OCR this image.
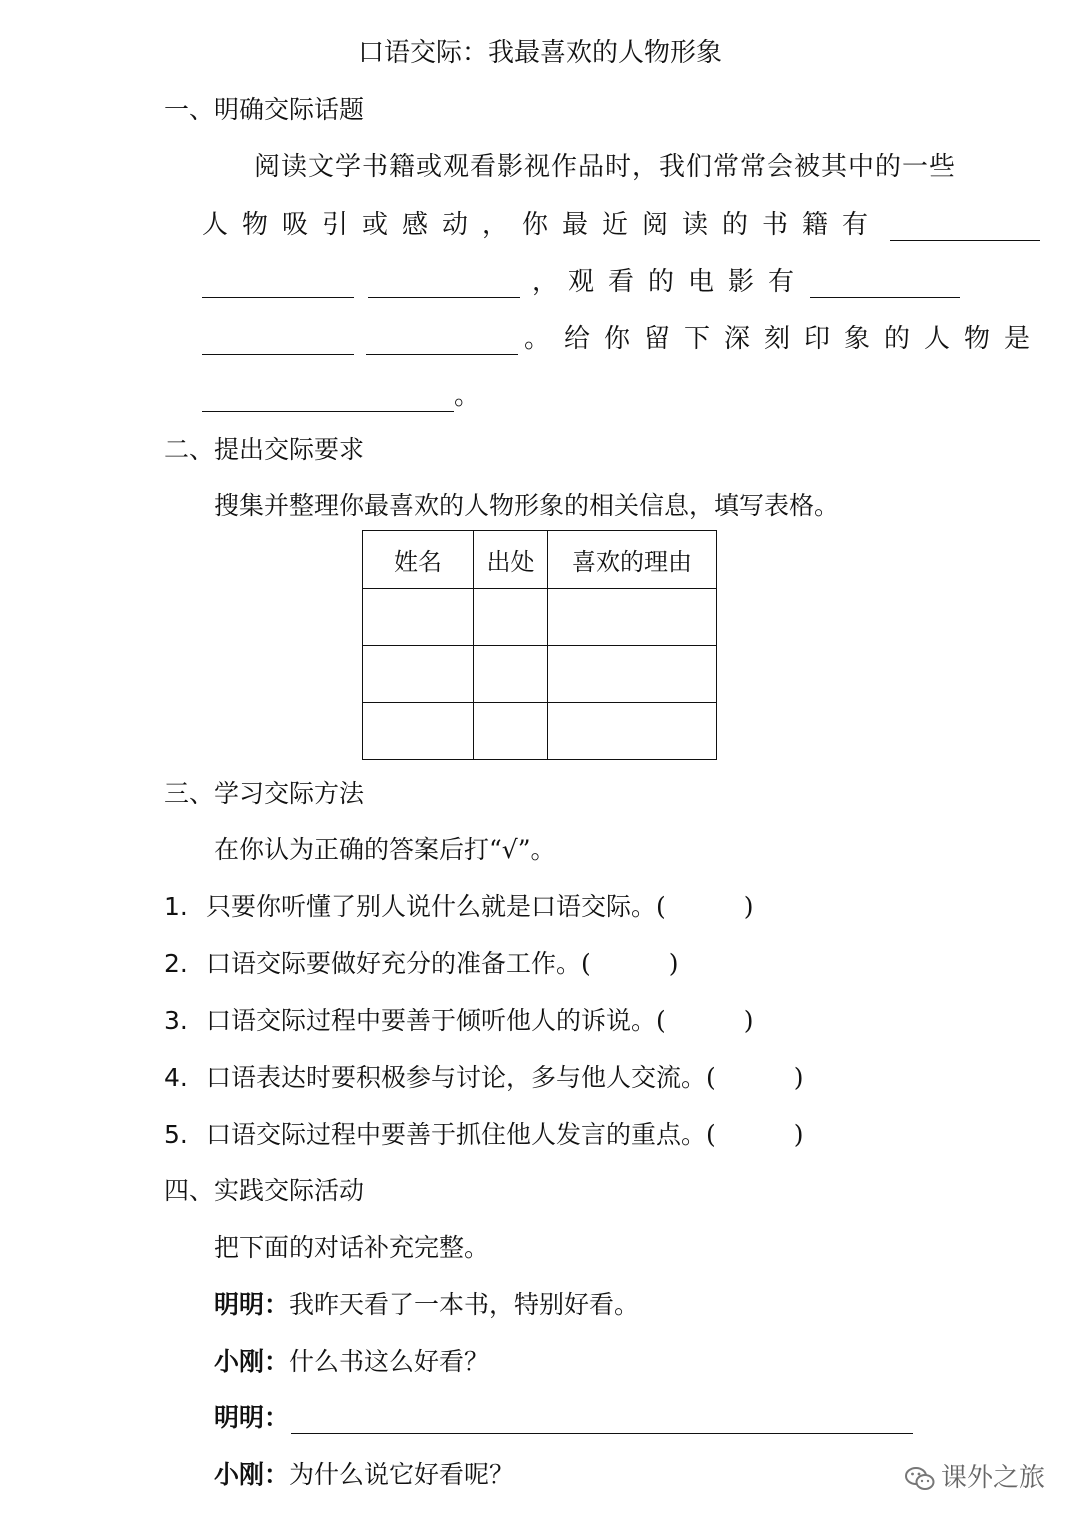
口语交际：我最喜欢的人物形象
一、明确交际话题
阅读文学书籍或观看影视作品时，我们常常会被其中的一些
人物吸引或感动，你最近阅读的书籍有
， 观看的电影有
。给你留下深刻印象的人物是
。
二、提出交际要求
搜集并整理你最喜欢的人物形象的相关信息，填写表格。
姓名	出处	喜欢的理由

三、学习交际方法
在你认为正确的答案后打“√”。
1. 只要你听懂了别人说什么就是口语交际。(	)
2. 口语交际要做好充分的准备工作。(	)
3. 口语交际过程中要善于倾听他人的诉说。(	)
4. 口语表达时要积极参与讨论，多与他人交流。(	)
5. 口语交际过程中要善于抓住他人发言的重点。(	)
四、实践交际活动
把下面的对话补充完整。
明明：我昨天看了一本书，特别好看。
小刚：什么书这么好看？
明明：
小刚：为什么说它好看呢？	课外之旅
